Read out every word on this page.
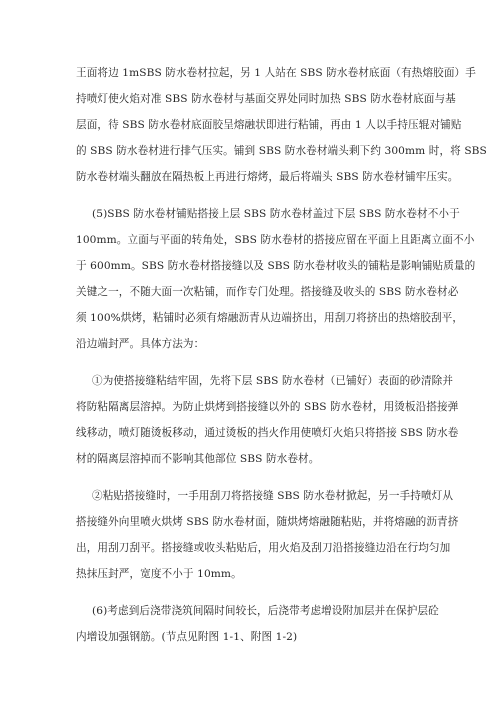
王面将边 1mSBS 防水卷材拉起，另 1 人站在 SBS 防水卷材底面（有热熔胶面）手
持喷灯使火焰对准 SBS 防水卷材与基面交界处同时加热 SBS 防水卷材底面与基
层面，待 SBS 防水卷材底面胶呈熔融状即进行粘铺，再由 1 人以手持压辊对铺贴
的 SBS 防水卷材进行排气压实。铺到 SBS 防水卷材端头剩下约 300mm 时，将 SBS
防水卷材端头翻放在隔热板上再进行熔烤，最后将端头 SBS 防水卷材铺牢压实。
(5)SBS 防水卷材铺贴搭接上层 SBS 防水卷材盖过下层 SBS 防水卷材不小于
100mm。立面与平面的转角处，SBS 防水卷材的搭接应留在平面上且距离立面不小
于 600mm。SBS 防水卷材搭接缝以及 SBS 防水卷材收头的铺粘是影响铺贴质量的
关键之一，不随大面一次粘铺，而作专门处理。搭接缝及收头的 SBS 防水卷材必
须 100%烘烤，粘铺时必须有熔融沥青从边端挤出，用刮刀将挤出的热熔胶刮平，
沿边端封严。具体方法为：
①为使搭接缝粘结牢固，先将下层 SBS 防水卷材（已铺好）表面的砂清除并
将防粘隔离层溶掉。为防止烘烤到搭接缝以外的 SBS 防水卷材，用烫板沿搭接弹
线移动，喷灯随烫板移动，通过烫板的挡火作用使喷灯火焰只将搭接 SBS 防水卷
材的隔离层溶掉而不影响其他部位 SBS 防水卷材。
②粘贴搭接缝时，一手用刮刀将搭接缝 SBS 防水卷材掀起，另一手持喷灯从
搭接缝外向里喷火烘烤 SBS 防水卷材面，随烘烤熔融随粘贴，并将熔融的沥青挤
出，用刮刀刮平。搭接缝或收头粘贴后，用火焰及刮刀沿搭接缝边沿在行均匀加
热抹压封严，宽度不小于 10mm。
(6)考虑到后浇带浇筑间隔时间较长，后浇带考虑增设附加层并在保护层砼
内增设加强钢筋。(节点见附图 1-1、附图 1-2)
